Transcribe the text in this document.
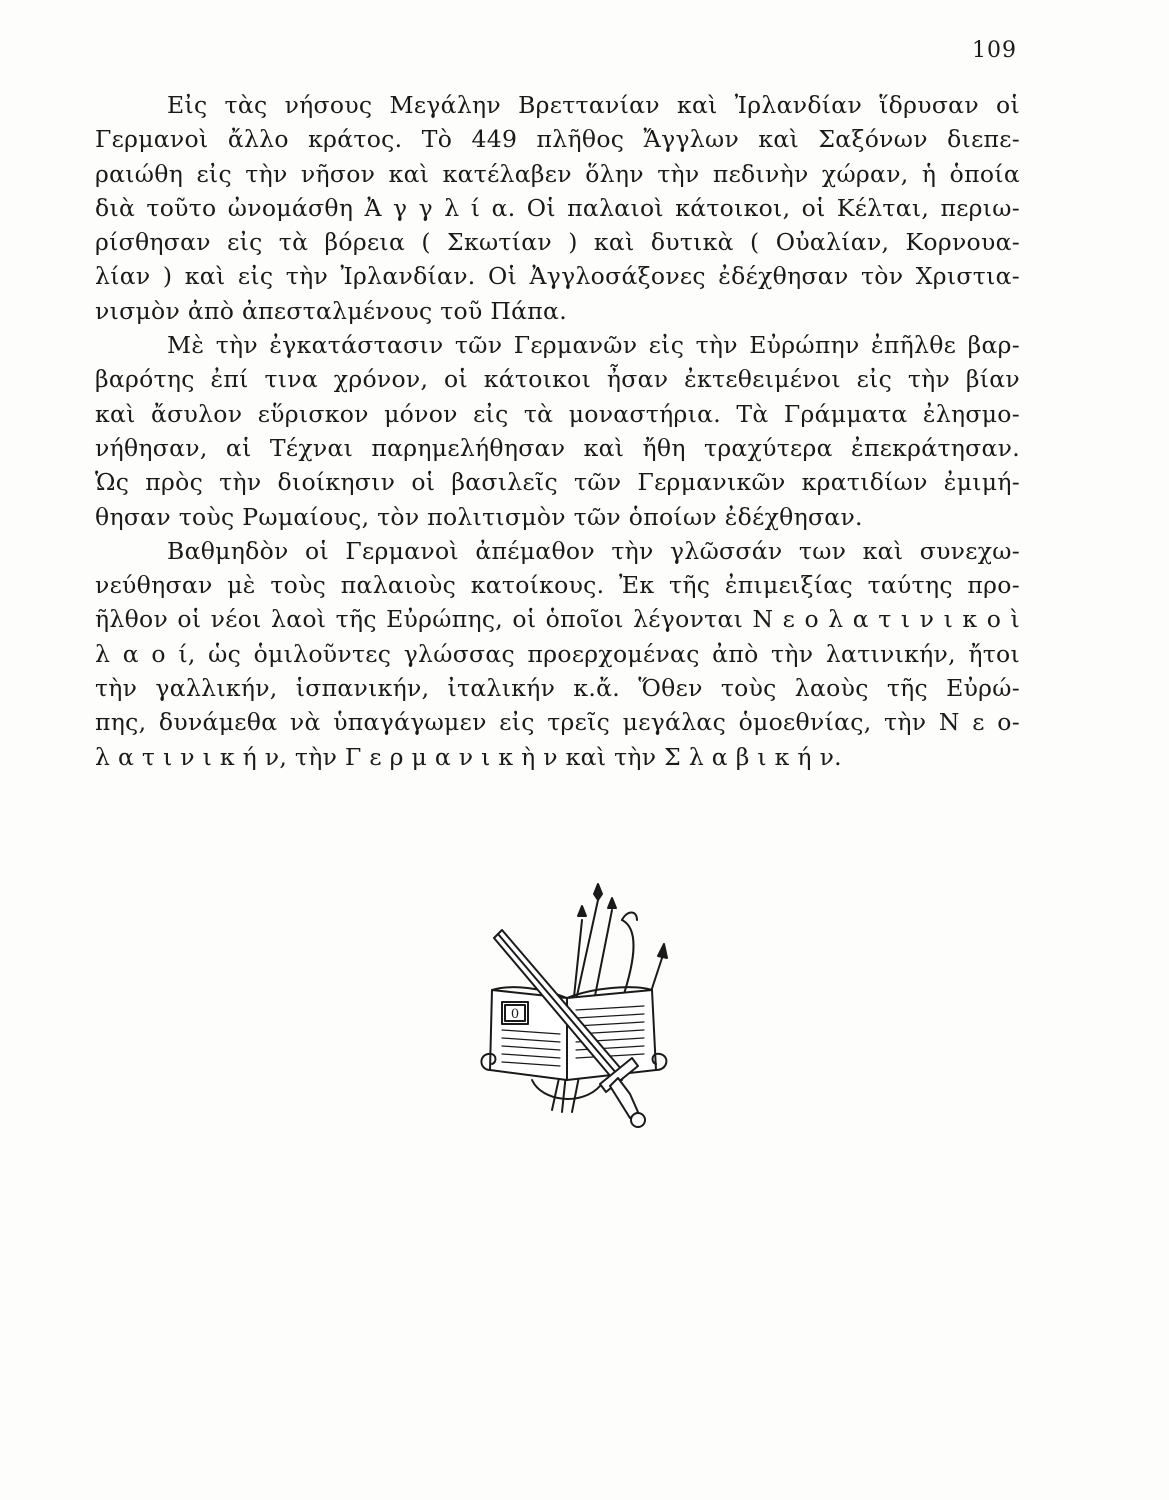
109
Εἰς τὰς νήσους Μεγάλην Βρεττανίαν καὶ Ἰρλανδίαν ἵδρυσαν οἱ
Γερμανοὶ ἄλλο κράτος. Τὸ 449 πλῆθος Ἄγγλων καὶ Σαξόνων διεπε-
ραιώθη εἰς τὴν νῆσον καὶ κατέλαβεν ὅλην τὴν πεδινὴν χώραν, ἡ ὁποία
διὰ τοῦτο ὠνομάσθη Ἀ γ γ λ ί α. Οἱ παλαιοὶ κάτοικοι, οἱ Κέλται, περιω-
ρίσθησαν εἰς τὰ βόρεια ( Σκωτίαν ) καὶ δυτικὰ ( Οὐαλίαν, Κορνουα-
λίαν ) καὶ εἰς τὴν Ἰρλανδίαν. Οἱ Ἀγγλοσάξονες ἐδέχθησαν τὸν Χριστια-
νισμὸν ἀπὸ ἀπεσταλμένους τοῦ Πάπα.
Μὲ τὴν ἐγκατάστασιν τῶν Γερμανῶν εἰς τὴν Εὐρώπην ἐπῆλθε βαρ-
βαρότης ἐπί τινα χρόνον, οἱ κάτοικοι ἦσαν ἐκτεθειμένοι εἰς τὴν βίαν
καὶ ἄσυλον εὕρισκον μόνον εἰς τὰ μοναστήρια. Τὰ Γράμματα ἐλησμο-
νήθησαν, αἱ Τέχναι παρημελήθησαν καὶ ἤθη τραχύτερα ἐπεκράτησαν.
Ὡς πρὸς τὴν διοίκησιν οἱ βασιλεῖς τῶν Γερμανικῶν κρατιδίων ἐμιμή-
θησαν τοὺς Ρωμαίους, τὸν πολιτισμὸν τῶν ὁποίων ἐδέχθησαν.
Βαθμηδὸν οἱ Γερμανοὶ ἀπέμαθον τὴν γλῶσσάν των καὶ συνεχω-
νεύθησαν μὲ τοὺς παλαιοὺς κατοίκους. Ἐκ τῆς ἐπιμειξίας ταύτης προ-
ῆλθον οἱ νέοι λαοὶ τῆς Εὐρώπης, οἱ ὁποῖοι λέγονται Ν ε ο λ α τ ι ν ι κ ο ὶ
λ α ο ί, ὡς ὁμιλοῦντες γλώσσας προερχομένας ἀπὸ τὴν λατινικήν, ἤτοι
τὴν γαλλικήν, ἱσπανικήν, ἰταλικήν κ.ἄ. Ὅθεν τοὺς λαοὺς τῆς Εὐρώ-
πης, δυνάμεθα νὰ ὑπαγάγωμεν εἰς τρεῖς μεγάλας ὁμοεθνίας, τὴν Ν ε ο-
λ α τ ι ν ι κ ή ν, τὴν Γ ε ρ μ α ν ι κ ὴ ν καὶ τὴν Σ λ α β ι κ ή ν.
0
